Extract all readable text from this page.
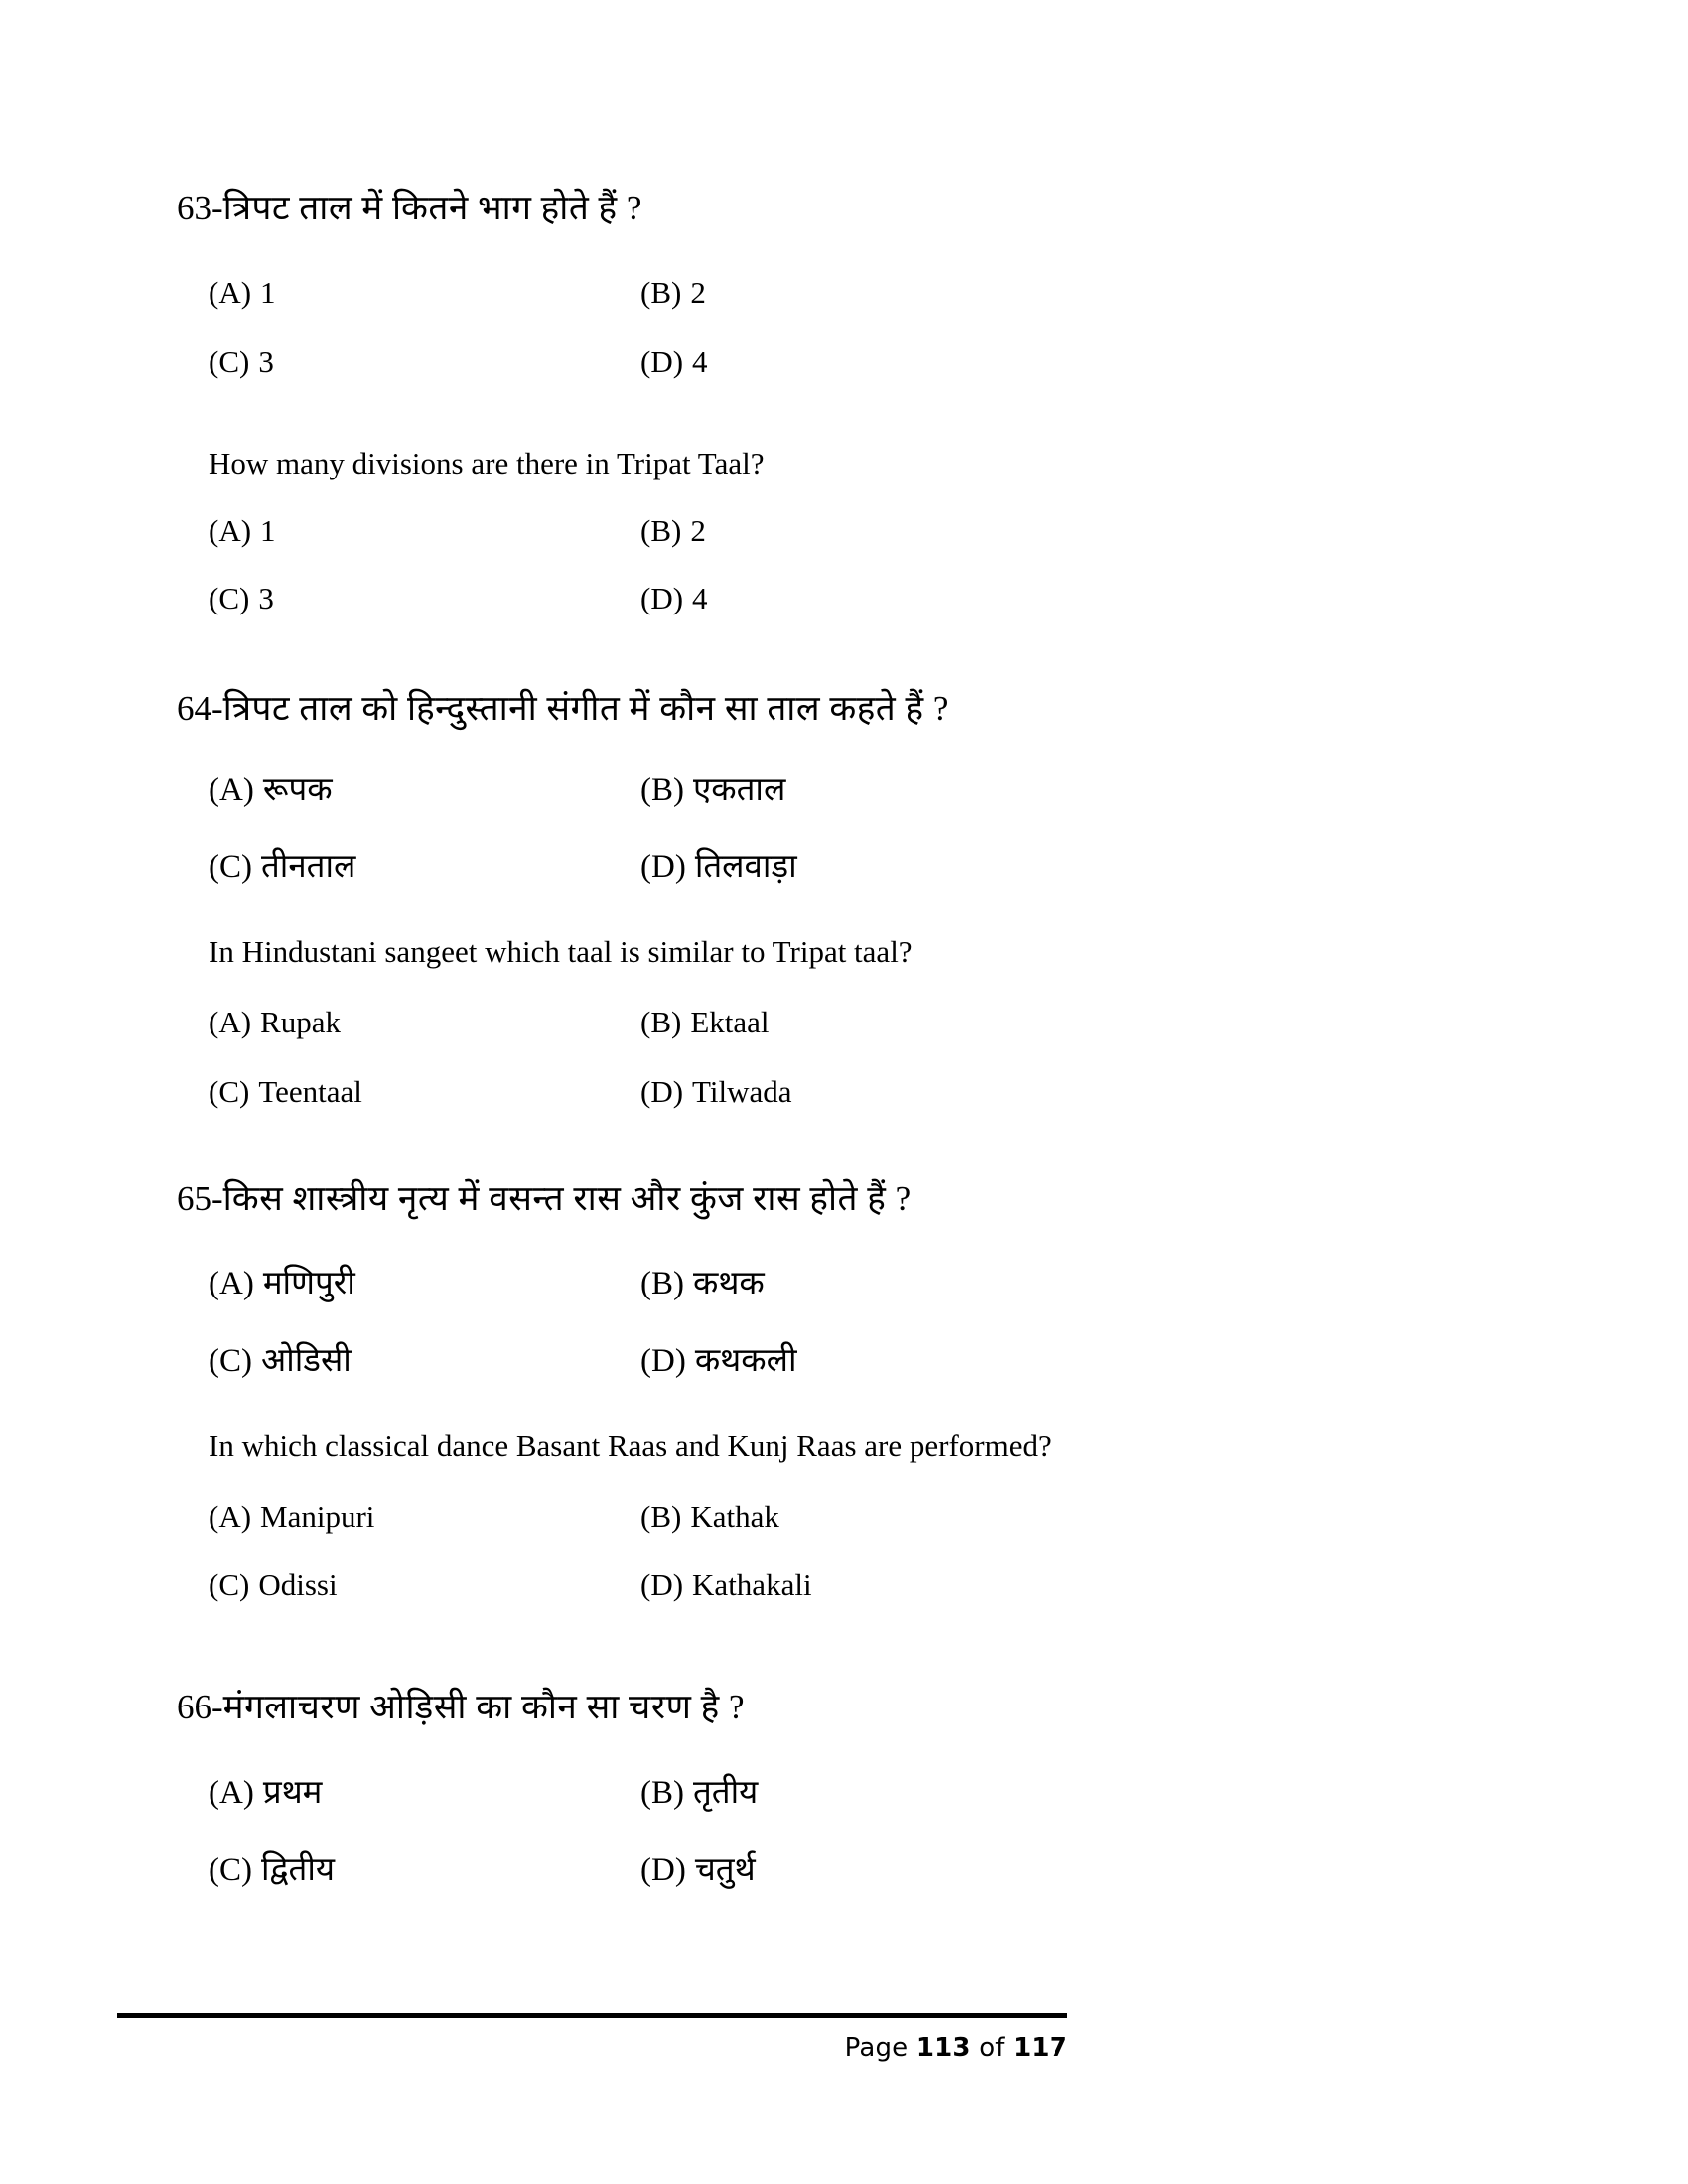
63-त्रिपट ताल में कितने भाग होते हैं ?
(A) 1	(B) 2
(C) 3	(D) 4
How many divisions are there in Tripat Taal?
(A) 1	(B) 2
(C) 3	(D) 4
64-त्रिपट ताल को हिन्दुस्तानी संगीत में कौन सा ताल कहते हैं ?
(A) रूपक	(B) एकताल
(C) तीनताल	(D) तिलवाड़ा
In Hindustani sangeet which taal is similar to Tripat taal?
(A) Rupak	(B) Ektaal
(C) Teentaal	(D) Tilwada
65-किस शास्त्रीय नृत्य में वसन्त रास और कुंज रास होते हैं ?
(A) मणिपुरी	(B) कथक
(C) ओडिसी	(D) कथकली
In which classical dance Basant Raas and Kunj Raas are performed?
(A) Manipuri	(B) Kathak
(C) Odissi	(D) Kathakali
66-मंगलाचरण ओड़िसी का कौन सा चरण है ?
(A) प्रथम	(B) तृतीय
(C) द्वितीय	(D) चतुर्थ
Page 113 of 117
